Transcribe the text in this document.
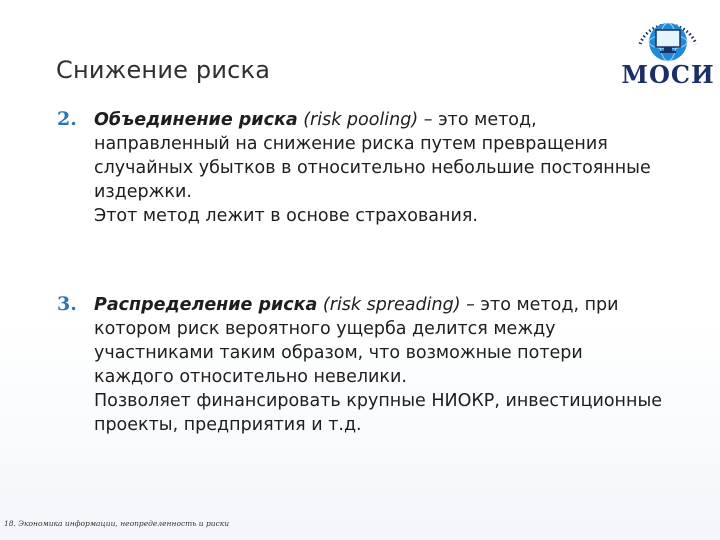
МОСИ
Снижение риска
2. Объединение риска (risk pooling) – это метод, направленный на снижение риска путем превращения случайных убытков в относительно небольшие постоянные издержки.
Этот метод лежит в основе страхования.
3. Распределение риска (risk spreading) – это метод, при котором риск вероятного ущерба делится между участниками таким образом, что возможные потери каждого относительно невелики.
Позволяет финансировать крупные НИОКР, инвестиционные проекты, предприятия и т.д.
18. Экономика информации, неопределенность и риски
